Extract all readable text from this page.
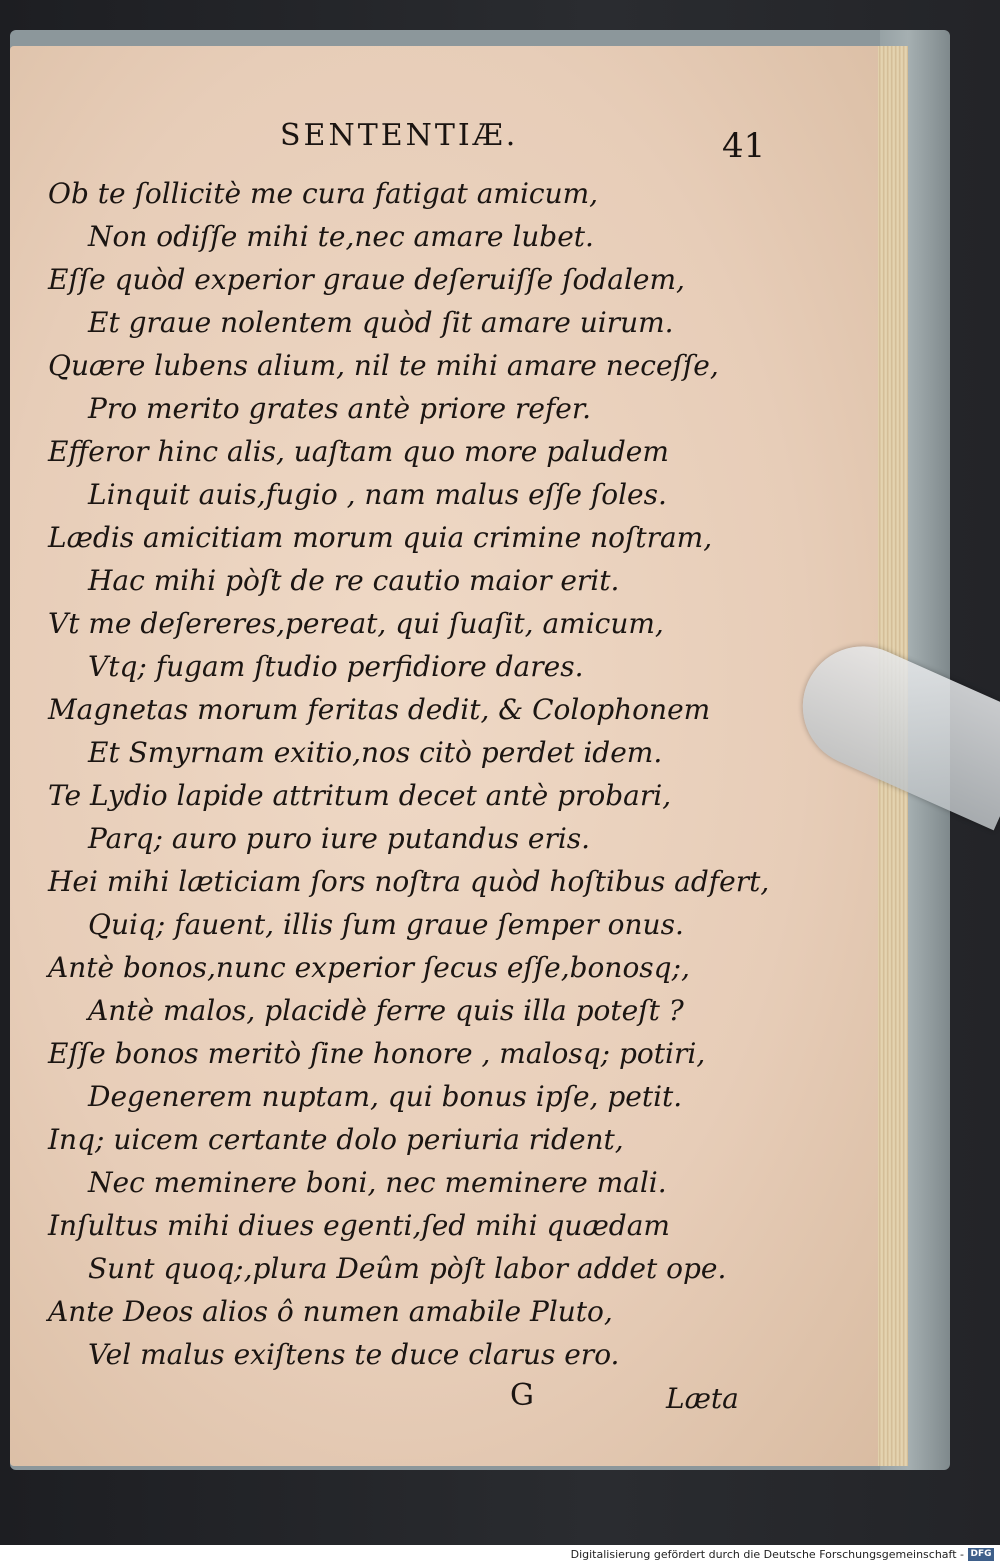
SENTENTIÆ.	41
Ob te ſollicitè me cura fatigat amicum,
Non odiſſe mihi te,nec amare lubet.
Eſſe quòd experior graue deſeruiſſe ſodalem,
Et graue nolentem quòd ſit amare uirum.
Quære lubens alium, nil te mihi amare neceſſe,
Pro merito grates antè priore refer.
Efferor hinc alis, uaſtam quo more paludem
Linquit auis,fugio , nam malus eſſe ſoles.
Lædis amicitiam morum quia crimine noſtram,
Hac mihi pòſt de re cautio maior erit.
Vt me deſereres,pereat, qui ſuaſit, amicum,
Vtq; fugam ſtudio perfidiore dares.
Magnetas morum feritas dedit, & Colophonem
Et Smyrnam exitio,nos citò perdet idem.
Te Lydio lapide attritum decet antè probari,
Parq; auro puro iure putandus eris.
Hei mihi læticiam ſors noſtra quòd hoſtibus adfert,
Quiq; fauent, illis ſum graue ſemper onus.
Antè bonos,nunc experior ſecus eſſe,bonosq;,
Antè malos, placidè ferre quis illa poteſt ?
Eſſe bonos meritò ſine honore , malosq; potiri,
Degenerem nuptam, qui bonus ipſe, petit.
Inq; uicem certante dolo periuria rident,
Nec meminere boni, nec meminere mali.
Inſultus mihi diues egenti,ſed mihi quædam
Sunt quoq;,plura Deûm pòſt labor addet ope.
Ante Deos alios ô numen amabile Pluto,
Vel malus exiſtens te duce clarus ero.
G	Læta
Digitalisierung gefördert durch die Deutsche Forschungsgemeinschaft - DFG
